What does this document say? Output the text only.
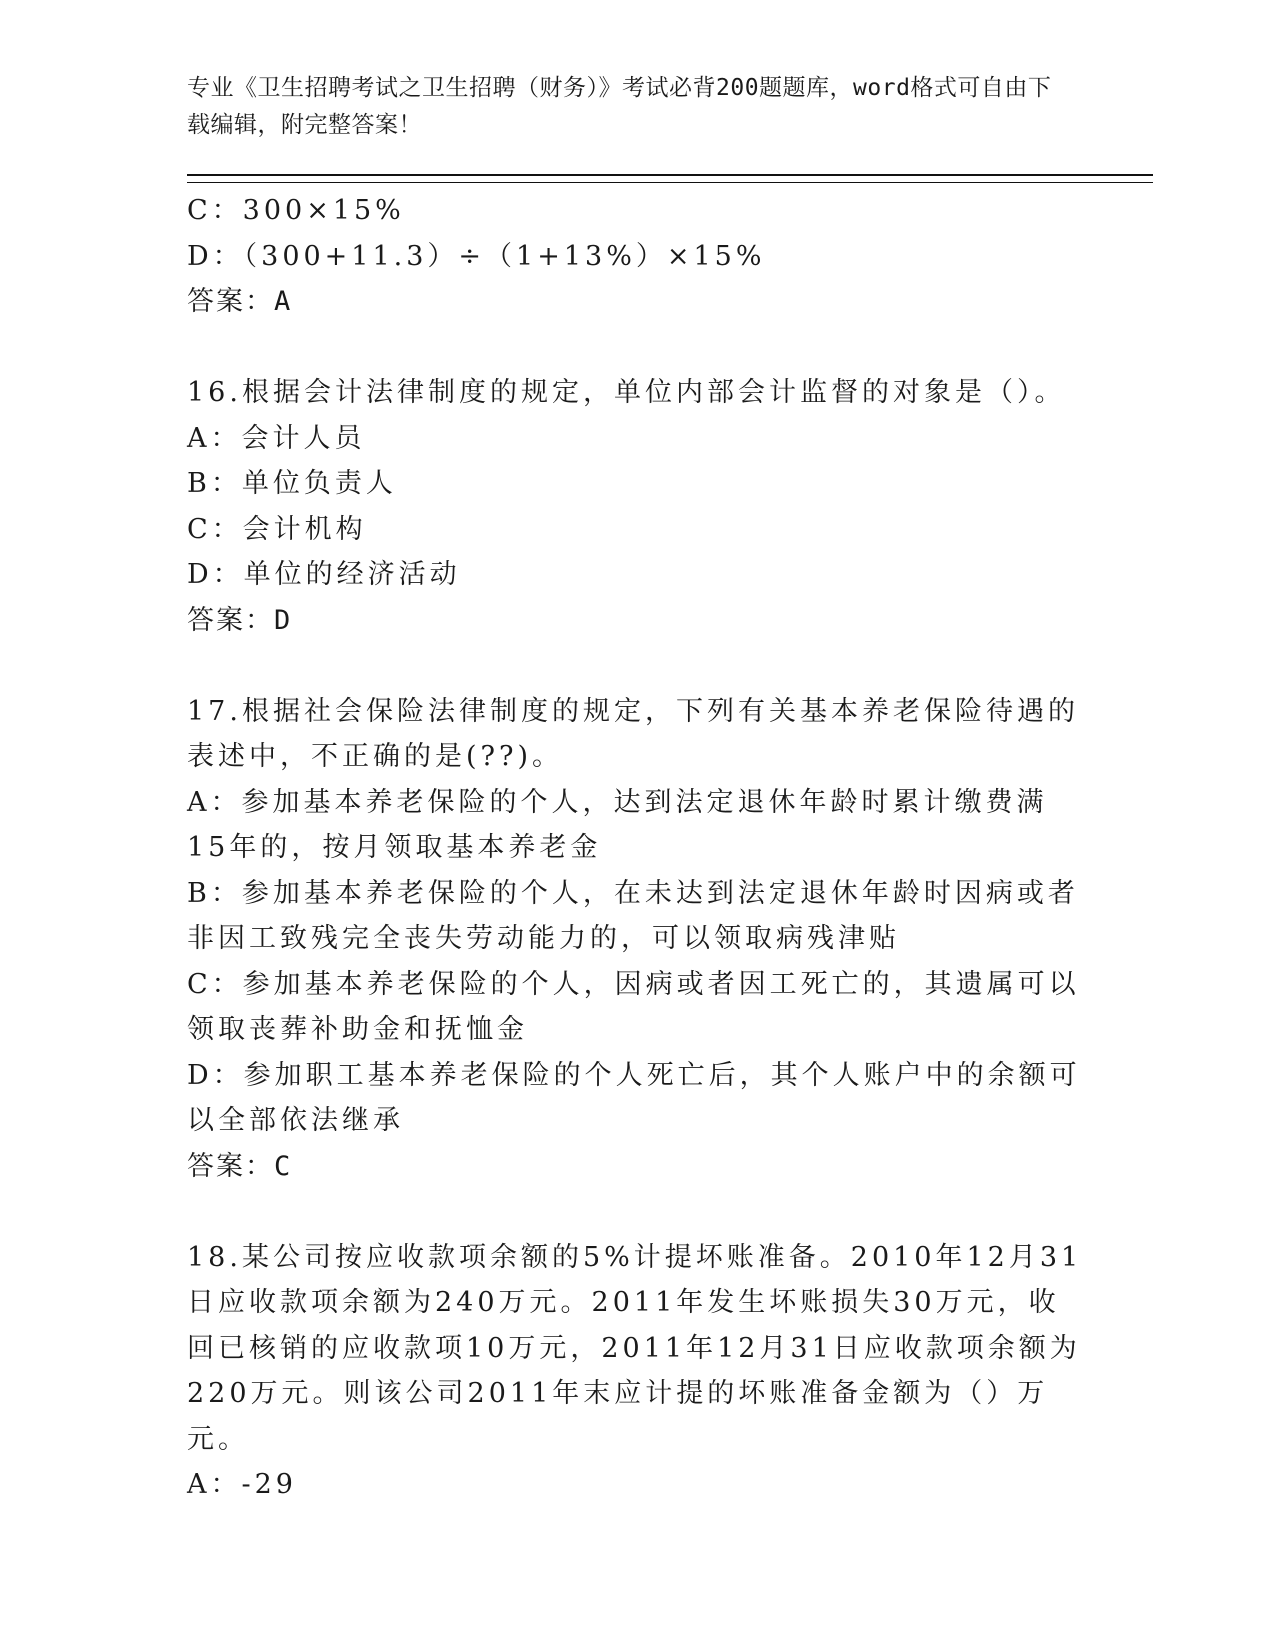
专业《卫生招聘考试之卫生招聘（财务）》考试必背200题题库，word格式可自由下载编辑，附完整答案！
C：300×15%
D：（300+11.3）÷（1+13%）×15%
答案：A
16.根据会计法律制度的规定，单位内部会计监督的对象是（）。
A：会计人员
B：单位负责人
C：会计机构
D：单位的经济活动
答案：D
17.根据社会保险法律制度的规定，下列有关基本养老保险待遇的表述中，不正确的是(??)。
A：参加基本养老保险的个人，达到法定退休年龄时累计缴费满15年的，按月领取基本养老金
B：参加基本养老保险的个人，在未达到法定退休年龄时因病或者非因工致残完全丧失劳动能力的，可以领取病残津贴
C：参加基本养老保险的个人，因病或者因工死亡的，其遗属可以领取丧葬补助金和抚恤金
D：参加职工基本养老保险的个人死亡后，其个人账户中的余额可以全部依法继承
答案：C
18.某公司按应收款项余额的5%计提坏账准备。2010年12月31日应收款项余额为240万元。2011年发生坏账损失30万元，收回已核销的应收款项10万元，2011年12月31日应收款项余额为220万元。则该公司2011年末应计提的坏账准备金额为（）万元。
A：-29
